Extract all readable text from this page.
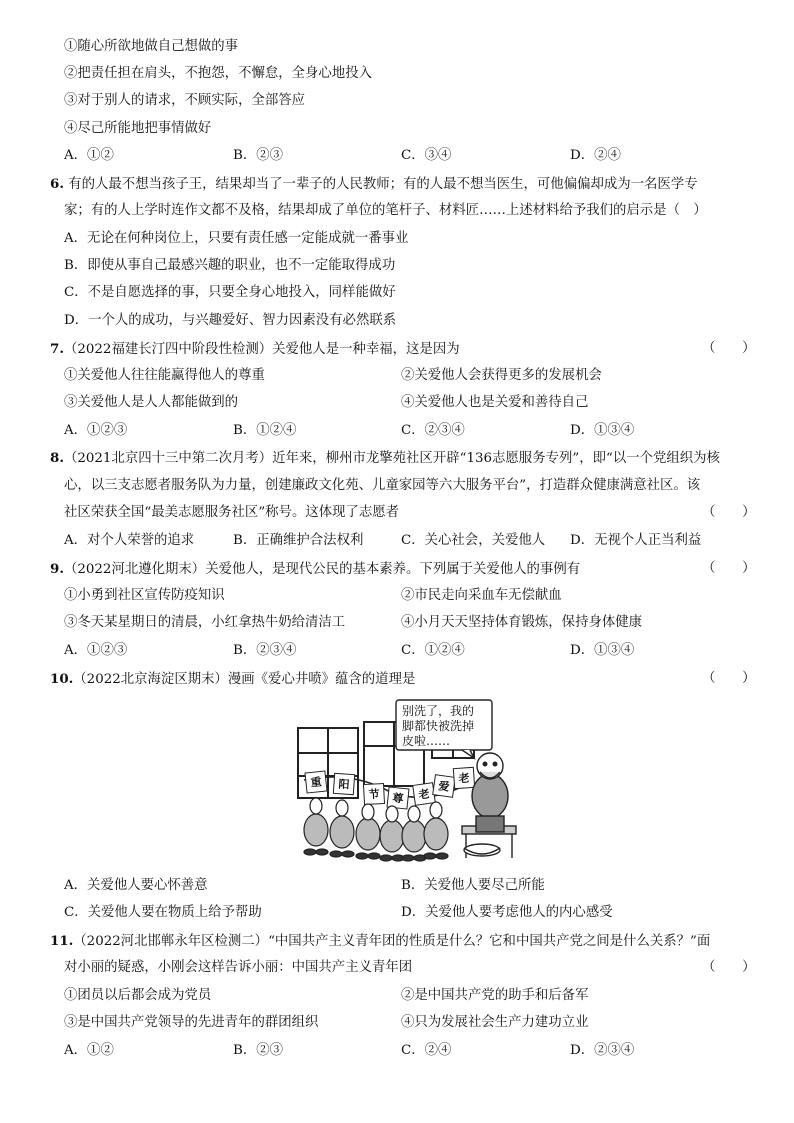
①随心所欲地做自己想做的事
②把责任担在肩头，不抱怨，不懈怠，全身心地投入
③对于别人的请求，不顾实际，全部答应
④尽己所能地把事情做好
A．①②	B．②③	C．③④	D．②④
6. 有的人最不想当孩子王，结果却当了一辈子的人民教师；有的人最不想当医生，可他偏偏却成为一名医学专
家；有的人上学时连作文都不及格，结果却成了单位的笔杆子、材料匠……上述材料给予我们的启示是（　）
A．无论在何种岗位上，只要有责任感一定能成就一番事业
B．即使从事自己最感兴趣的职业，也不一定能取得成功
C．不是自愿选择的事，只要全身心地投入，同样能做好
D．一个人的成功，与兴趣爱好、智力因素没有必然联系
7.（2022福建长汀四中阶段性检测）关爱他人是一种幸福，这是因为	（　　）
①关爱他人往往能赢得他人的尊重	②关爱他人会获得更多的发展机会
③关爱他人是人人都能做到的	④关爱他人也是关爱和善待自己
A．①②③	B．①②④	C．②③④	D．①③④
8.（2021北京四十三中第二次月考）近年来，柳州市龙擎苑社区开辟“136志愿服务专列”，即“以一个党组织为核
心，以三支志愿者服务队为力量，创建廉政文化苑、儿童家园等六大服务平台”，打造群众健康满意社区。该
社区荣获全国“最美志愿服务社区”称号。这体现了志愿者	（　　）
A．对个人荣誉的追求	B．正确维护合法权利	C．关心社会，关爱他人 D．无视个人正当利益
9.（2022河北遵化期末）关爱他人，是现代公民的基本素养。下列属于关爱他人的事例有	（　　）
①小勇到社区宣传防疫知识	②市民走向采血车无偿献血
③冬天某星期日的清晨，小红拿热牛奶给清洁工	④小月天天坚持体育锻炼，保持身体健康
A．①②③	B．②③④	C．①②④	D．①③④
10.（2022北京海淀区期末）漫画《爱心井喷》蕴含的道理是	（　　）
重 阳
节 尊 老
爱
老
别洗了，我的
脚都快被洗掉
皮啦……
A．关爱他人要心怀善意	B．关爱他人要尽己所能
C．关爱他人要在物质上给予帮助	D．关爱他人要考虑他人的内心感受
11.（2022河北邯郸永年区检测二）“中国共产主义青年团的性质是什么？它和中国共产党之间是什么关系？”面
对小丽的疑惑，小刚会这样告诉小丽：中国共产主义青年团	（　　）
①团员以后都会成为党员	②是中国共产党的助手和后备军
③是中国共产党领导的先进青年的群团组织	④只为发展社会生产力建功立业
A．①②	B．②③	C．②④	D．②③④
